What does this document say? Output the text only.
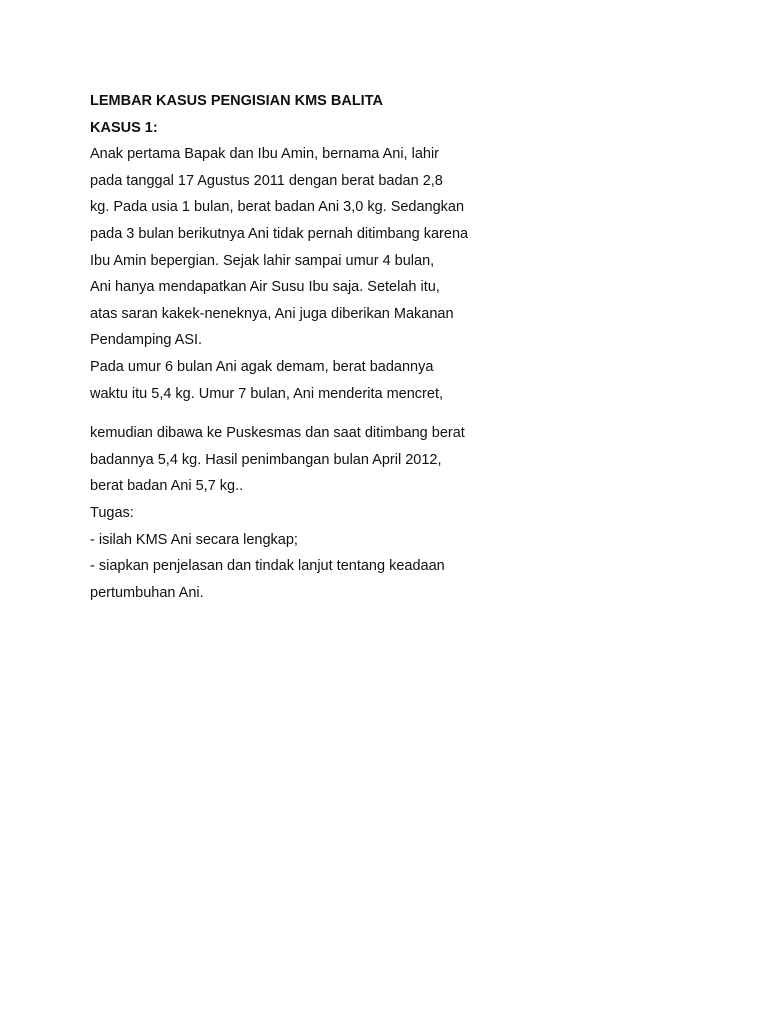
LEMBAR KASUS PENGISIAN KMS BALITA
KASUS 1:
Anak pertama Bapak dan Ibu Amin, bernama Ani, lahir
pada tanggal 17 Agustus 2011 dengan berat badan 2,8
kg. Pada usia 1 bulan, berat badan Ani 3,0 kg. Sedangkan
pada 3 bulan berikutnya Ani tidak pernah ditimbang karena
Ibu Amin bepergian. Sejak lahir sampai umur 4 bulan,
Ani hanya mendapatkan Air Susu Ibu saja. Setelah itu,
atas saran kakek-neneknya, Ani juga diberikan Makanan
Pendamping ASI.
Pada umur 6 bulan Ani agak demam, berat badannya
waktu itu 5,4 kg. Umur 7 bulan, Ani menderita mencret,
kemudian dibawa ke Puskesmas dan saat ditimbang berat
badannya 5,4 kg. Hasil penimbangan bulan April 2012,
berat badan Ani 5,7 kg..
Tugas:
- isilah KMS Ani secara lengkap;
- siapkan penjelasan dan tindak lanjut tentang keadaan
pertumbuhan Ani.
